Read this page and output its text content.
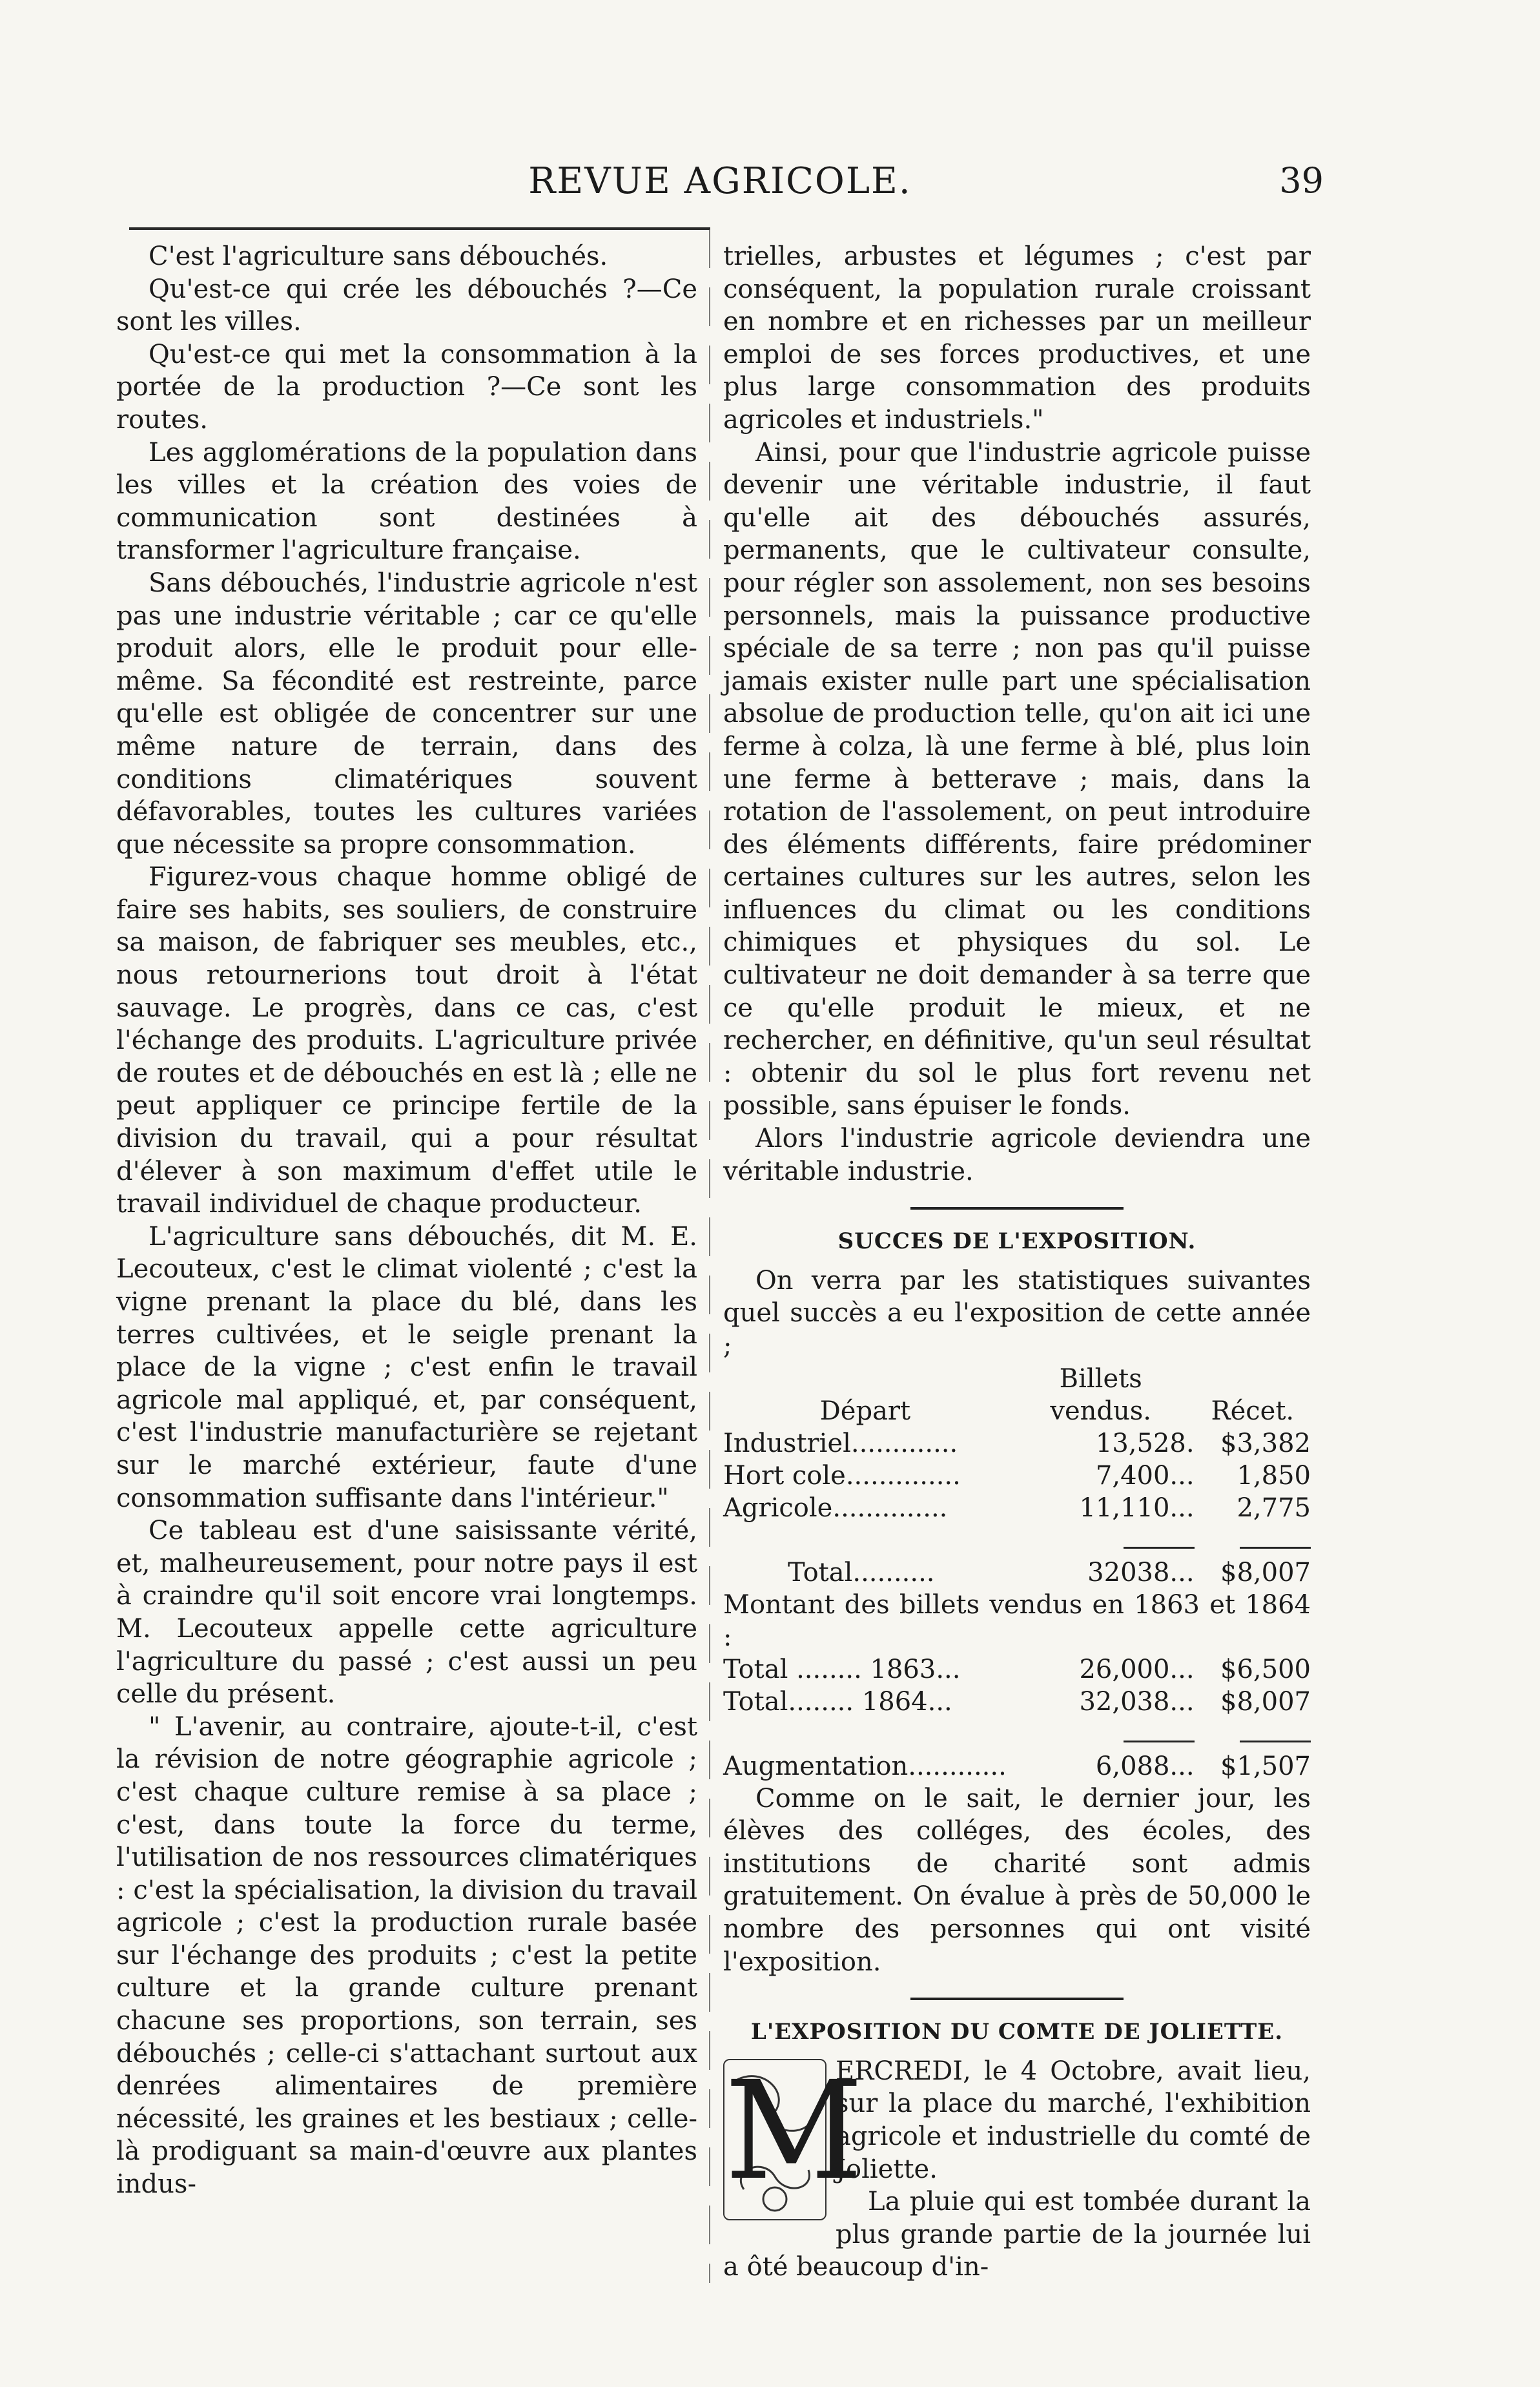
REVUE AGRICOLE.	39

C'est l'agriculture sans débouchés.

Qu'est-ce qui crée les débouchés ?—Ce sont les villes.

Qu'est-ce qui met la consommation à la portée de la production ?—Ce sont les routes.

Les agglomérations de la population dans les villes et la création des voies de communication sont destinées à transformer l'agriculture française.

Sans débouchés, l'industrie agricole n'est pas une industrie véritable ; car ce qu'elle produit alors, elle le produit pour elle-même. Sa fécondité est restreinte, parce qu'elle est obligée de concentrer sur une même nature de terrain, dans des conditions climatériques souvent défavorables, toutes les cultures variées que nécessite sa propre consommation.

Figurez-vous chaque homme obligé de faire ses habits, ses souliers, de construire sa maison, de fabriquer ses meubles, etc., nous retournerions tout droit à l'état sauvage. Le progrès, dans ce cas, c'est l'échange des produits. L'agriculture privée de routes et de débouchés en est là ; elle ne peut appliquer ce principe fertile de la division du travail, qui a pour résultat d'élever à son maximum d'effet utile le travail individuel de chaque producteur.

L'agriculture sans débouchés, dit M. E. Lecouteux, c'est le climat violenté ; c'est la vigne prenant la place du blé, dans les terres cultivées, et le seigle prenant la place de la vigne ; c'est enfin le travail agricole mal appliqué, et, par conséquent, c'est l'industrie manufacturière se rejetant sur le marché extérieur, faute d'une consommation suffisante dans l'intérieur."

Ce tableau est d'une saisissante vérité, et, malheureusement, pour notre pays il est à craindre qu'il soit encore vrai longtemps. M. Lecouteux appelle cette agriculture l'agriculture du passé ; c'est aussi un peu celle du présent.

" L'avenir, au contraire, ajoute-t-il, c'est la révision de notre géographie agricole ; c'est chaque culture remise à sa place ; c'est, dans toute la force du terme, l'utilisation de nos ressources climatériques : c'est la spécialisation, la division du travail agricole ; c'est la production rurale basée sur l'échange des produits ; c'est la petite culture et la grande culture prenant chacune ses proportions, son terrain, ses débouchés ; celle-ci s'attachant surtout aux denrées alimentaires de première nécessité, les graines et les bestiaux ; celle-là prodiguant sa main-d'œuvre aux plantes indus-

trielles, arbustes et légumes ; c'est par conséquent, la population rurale croissant en nombre et en richesses par un meilleur emploi de ses forces productives, et une plus large consommation des produits agricoles et industriels."

Ainsi, pour que l'industrie agricole puisse devenir une véritable industrie, il faut qu'elle ait des débouchés assurés, permanents, que le cultivateur consulte, pour régler son assolement, non ses besoins personnels, mais la puissance productive spéciale de sa terre ; non pas qu'il puisse jamais exister nulle part une spécialisation absolue de production telle, qu'on ait ici une ferme à colza, là une ferme à blé, plus loin une ferme à betterave ; mais, dans la rotation de l'assolement, on peut introduire des éléments différents, faire prédominer certaines cultures sur les autres, selon les influences du climat ou les conditions chimiques et physiques du sol. Le cultivateur ne doit demander à sa terre que ce qu'elle produit le mieux, et ne rechercher, en définitive, qu'un seul résultat : obtenir du sol le plus fort revenu net possible, sans épuiser le fonds.

Alors l'industrie agricole deviendra une véritable industrie.

SUCCES DE L'EXPOSITION.

On verra par les statistiques suivantes quel succès a eu l'exposition de cette année ;

Départ	Billets vendus.	Récet.
Industriel.............	13,528.	$3,382
Hort cole..............	7,400...	1,850
Agricole..............	11,110...	2,775

Total..........	32038...	$8,007
Montant des billets vendus en 1863 et 1864 :		
Total ........ 1863...	26,000...	$6,500
Total........ 1864...	32,038...	$8,007

Augmentation............	6,088...	$1,507

Comme on le sait, le dernier jour, les élèves des colléges, des écoles, des institutions de charité sont admis gratuitement. On évalue à près de 50,000 le nombre des personnes qui ont visité l'exposition.

L'EXPOSITION DU COMTE DE JOLIETTE.
M

ERCREDI, le 4 Octobre, avait lieu, sur la place du marché, l'exhibition agricole et industrielle du comté de Joliette.

La pluie qui est tombée durant la plus grande partie de la journée lui a ôté beaucoup d'in-
